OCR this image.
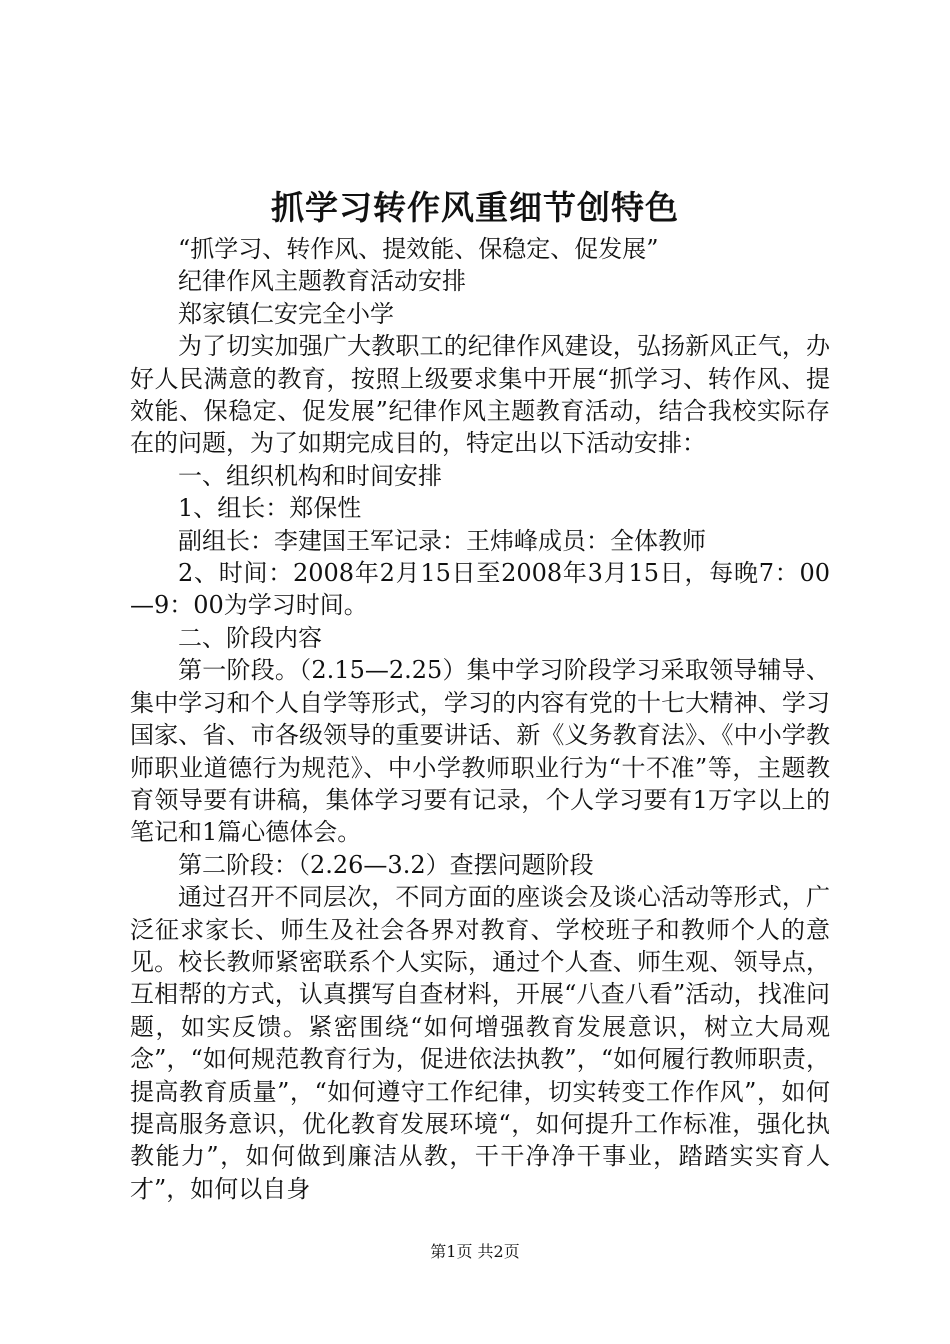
抓学习转作风重细节创特色

“抓学习、转作风、提效能、保稳定、促发展”

纪律作风主题教育活动安排

郑家镇仁安完全小学

为了切实加强广大教职工的纪律作风建设，弘扬新风正气，办好人民满意的教育，按照上级要求集中开展“抓学习、转作风、提效能、保稳定、促发展”纪律作风主题教育活动，结合我校实际存在的问题，为了如期完成目的，特定出以下活动安排：

一、组织机构和时间安排

1、组长：郑保性

副组长：李建国王军记录：王炜峰成员：全体教师

2、时间：2008年2月15日至2008年3月15日，每晚7：00—9：00为学习时间。

二、阶段内容

第一阶段。（2.15—2.25）集中学习阶段学习采取领导辅导、集中学习和个人自学等形式，学习的内容有党的十七大精神、学习国家、省、市各级领导的重要讲话、新《义务教育法》、《中小学教师职业道德行为规范》、中小学教师职业行为“十不准”等，主题教育领导要有讲稿，集体学习要有记录，个人学习要有1万字以上的笔记和1篇心德体会。

第二阶段：（2.26—3.2）查摆问题阶段

通过召开不同层次，不同方面的座谈会及谈心活动等形式，广泛征求家长、师生及社会各界对教育、学校班子和教师个人的意见。校长教师紧密联系个人实际，通过个人查、师生观、领导点，互相帮的方式，认真撰写自查材料，开展“八查八看”活动，找准问题，如实反馈。紧密围绕“如何增强教育发展意识，树立大局观念”，“如何规范教育行为，促进依法执教”，“如何履行教师职责，提高教育质量”，“如何遵守工作纪律，切实转变工作作风”，如何提高服务意识，优化教育发展环境“，如何提升工作标准，强化执教能力”，如何做到廉洁从教，干干净净干事业，踏踏实实育人才”，如何以自身

第1页 共2页
